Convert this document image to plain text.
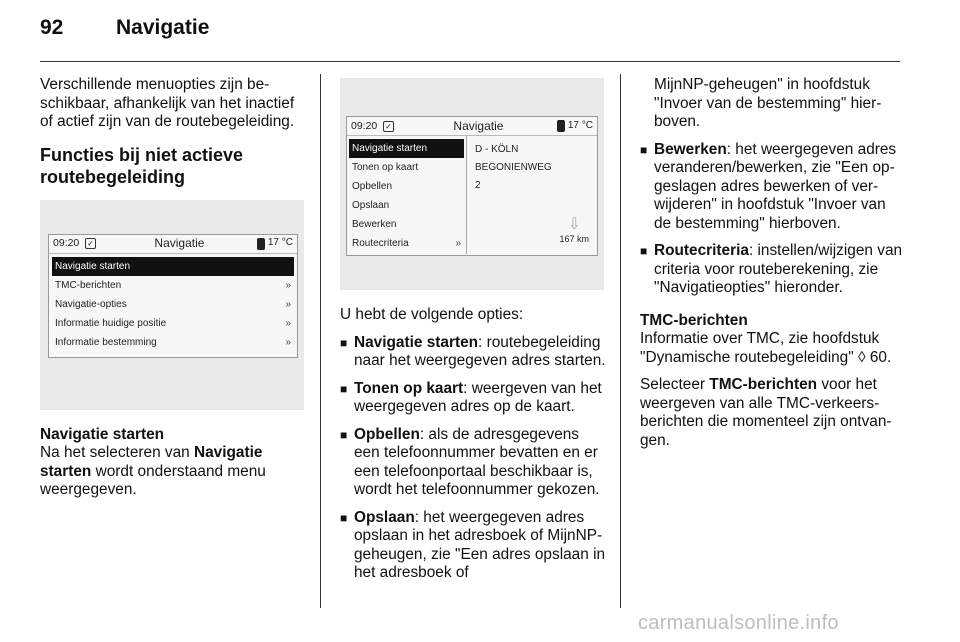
92	Navigatie

Verschillende menuopties zijn beschikbaar, afhankelijk van het inactief of actief zijn van de routebegeleiding.

Functies bij niet actieve routebegeleiding
09:20 ✓	Navigatie	17 °C
Navigatie starten
TMC-berichten	»
Navigatie-opties	»
Informatie huidige positie	»
Informatie bestemming	»

Navigatie starten

Na het selecteren van Navigatie starten wordt onderstaand menu weergegeven.

09:20 ✓	Navigatie	17 °C
Navigatie starten
Tonen op kaart
Opbellen
Opslaan
Bewerken
Routecriteria	»
D - KÖLN
BEGONIENWEG
2
⇩
167 km

U hebt de volgende opties:

■ Navigatie starten: routebegeleiding naar het weergegeven adres starten.
■ Tonen op kaart: weergeven van het weergegeven adres op de kaart.
■ Opbellen: als de adresgegevens een telefoonnummer bevatten en er een telefoonportaal beschikbaar is, wordt het telefoonnummer gekozen.
■ Opslaan: het weergegeven adres opslaan in het adresboek of MijnNP-geheugen, zie "Een adres opslaan in het adresboek of

MijnNP-geheugen" in hoofdstuk "Invoer van de bestemming" hierboven.

■ Bewerken: het weergegeven adres veranderen/bewerken, zie "Een opgeslagen adres bewerken of verwijderen" in hoofdstuk "Invoer van de bestemming" hierboven.
■ Routecriteria: instellen/wijzigen van criteria voor routeberekening, zie "Navigatieopties" hieronder.

TMC-berichten

Informatie over TMC, zie hoofdstuk "Dynamische routebegeleiding" ◊ 60.

Selecteer TMC-berichten voor het weergeven van alle TMC-verkeersberichten die momenteel zijn ontvangen.

carmanualsonline.info
